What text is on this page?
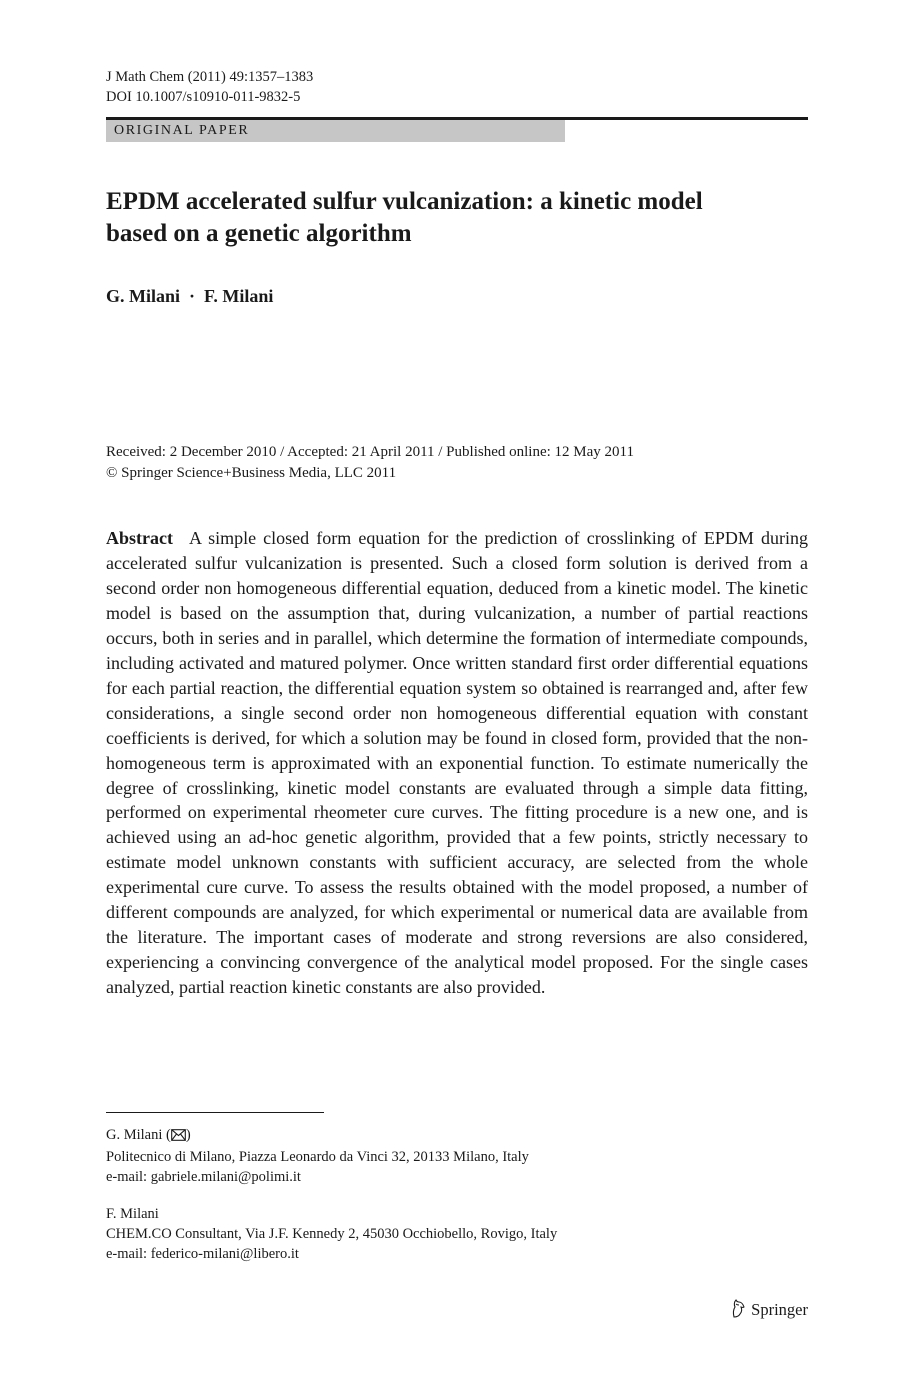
J Math Chem (2011) 49:1357–1383
DOI 10.1007/s10910-011-9832-5
ORIGINAL PAPER
EPDM accelerated sulfur vulcanization: a kinetic model
based on a genetic algorithm
G. Milani · F. Milani
Received: 2 December 2010 / Accepted: 21 April 2011 / Published online: 12 May 2011
© Springer Science+Business Media, LLC 2011
Abstract A simple closed form equation for the prediction of crosslinking of EPDM during accelerated sulfur vulcanization is presented. Such a closed form solution is derived from a second order non homogeneous differential equation, deduced from a kinetic model. The kinetic model is based on the assumption that, during vulcanization, a number of partial reactions occurs, both in series and in parallel, which determine the formation of intermediate compounds, including activated and matured polymer. Once written standard first order differential equations for each partial reaction, the differential equation system so obtained is rearranged and, after few considerations, a single second order non homogeneous differential equation with constant coefficients is derived, for which a solution may be found in closed form, provided that the non-homogeneous term is approximated with an exponential function. To estimate numerically the degree of crosslinking, kinetic model constants are evaluated through a simple data fitting, performed on experimental rheometer cure curves. The fitting procedure is a new one, and is achieved using an ad-hoc genetic algorithm, provided that a few points, strictly necessary to estimate model unknown constants with sufficient accuracy, are selected from the whole experimental cure curve. To assess the results obtained with the model proposed, a number of different compounds are analyzed, for which experimental or numerical data are available from the literature. The important cases of moderate and strong reversions are also considered, experiencing a convincing convergence of the analytical model proposed. For the single cases analyzed, partial reaction kinetic constants are also provided.
G. Milani ( )
Politecnico di Milano, Piazza Leonardo da Vinci 32, 20133 Milano, Italy
e-mail: gabriele.milani@polimi.it
F. Milani
CHEM.CO Consultant, Via J.F. Kennedy 2, 45030 Occhiobello, Rovigo, Italy
e-mail: federico-milani@libero.it
Springer
